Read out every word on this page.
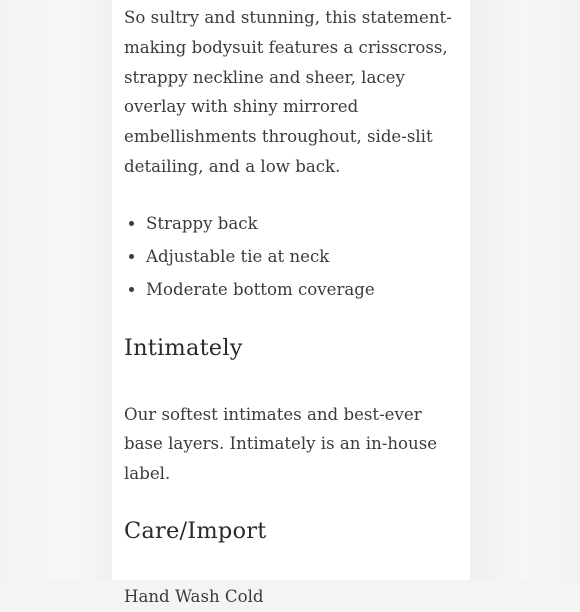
So sultry and stunning, this statement-making bodysuit features a crisscross, strappy neckline and sheer, lacey overlay with shiny mirrored embellishments throughout, side-slit detailing, and a low back.

• Strappy back
• Adjustable tie at neck
• Moderate bottom coverage
Intimately

Our softest intimates and best-ever base layers. Intimately is an in-house label.

Care/Import

Hand Wash Cold
